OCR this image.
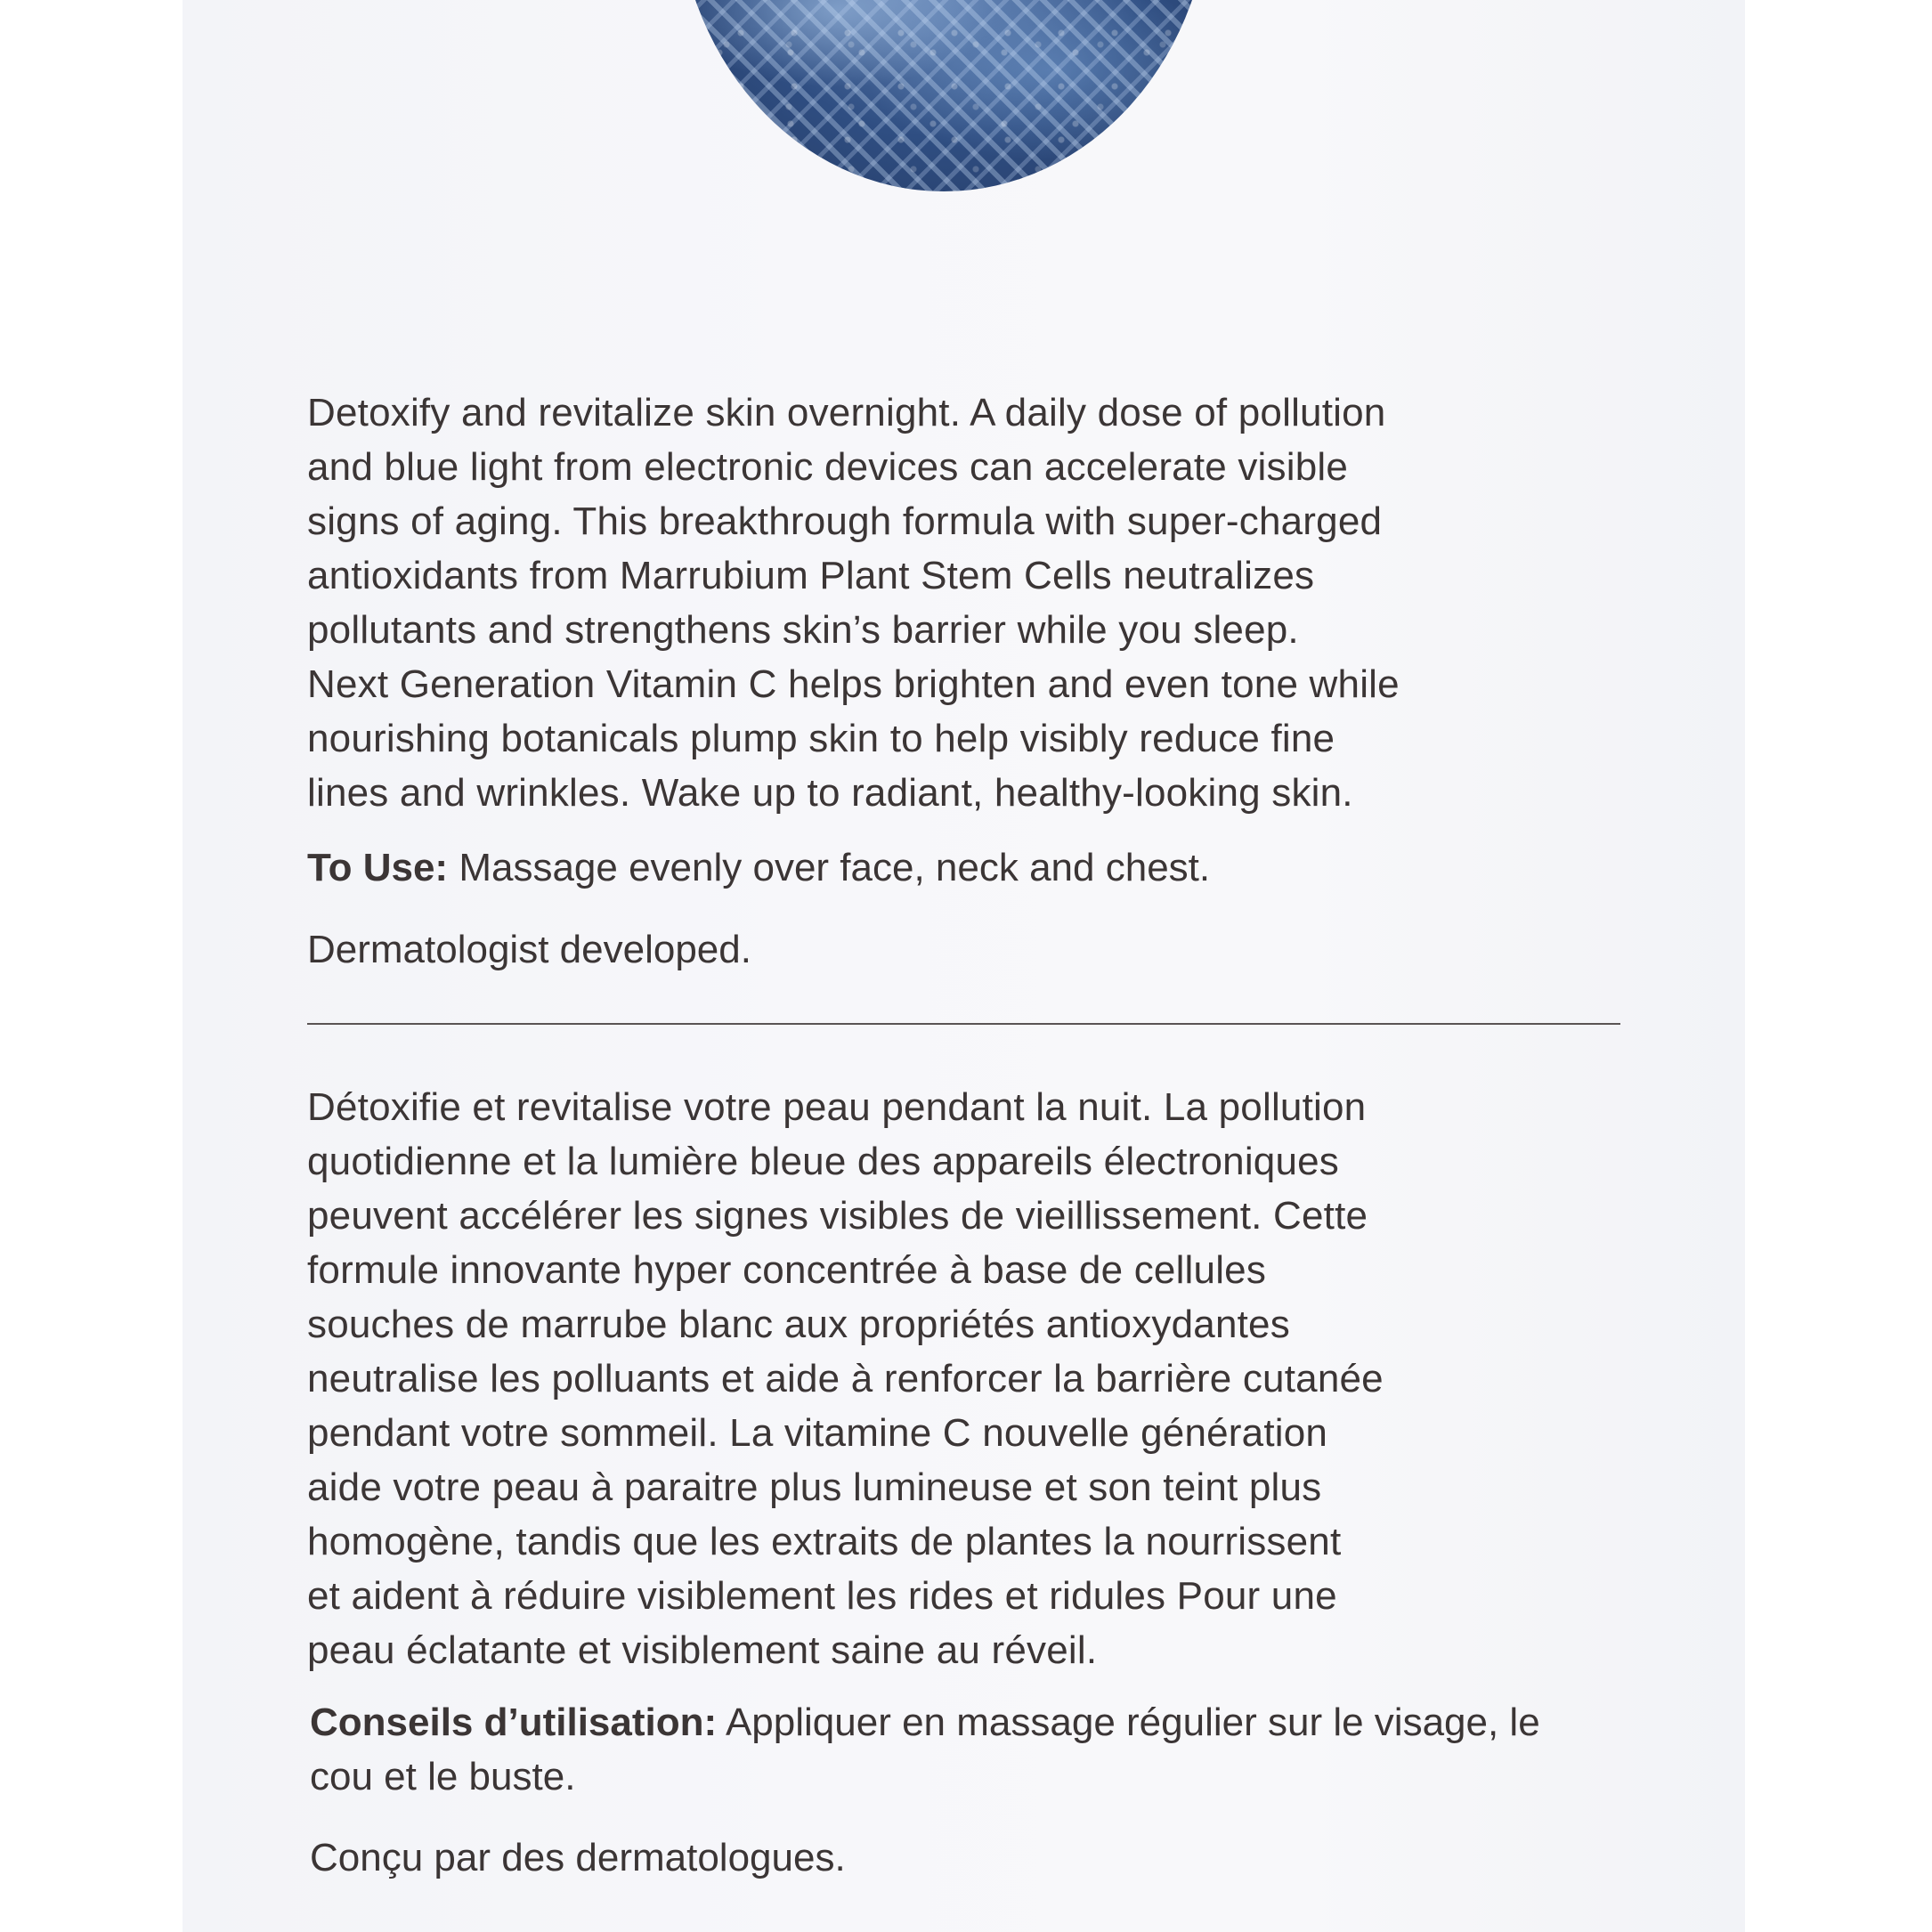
Detoxify and revitalize skin overnight. A daily dose of pollution

and blue light from electronic devices can accelerate visible

signs of aging. This breakthrough formula with super-charged

antioxidants from Marrubium Plant Stem Cells neutralizes

pollutants and strengthens skin’s barrier while you sleep.

Next Generation Vitamin C helps brighten and even tone while

nourishing botanicals plump skin to help visibly reduce fine

lines and wrinkles. Wake up to radiant, healthy-looking skin.

To Use: Massage evenly over face, neck and chest.
Dermatologist developed.

Détoxifie et revitalise votre peau pendant la nuit. La pollution

quotidienne et la lumière bleue des appareils électroniques

peuvent accélérer les signes visibles de vieillissement. Cette

formule innovante hyper concentrée à base de cellules

souches de marrube blanc aux propriétés antioxydantes

neutralise les polluants et aide à renforcer la barrière cutanée

pendant votre sommeil. La vitamine C nouvelle génération

aide votre peau à paraitre plus lumineuse et son teint plus

homogène, tandis que les extraits de plantes la nourrissent

et aident à réduire visiblement les rides et ridules Pour une

peau éclatante et visiblement saine au réveil.

Conseils d’utilisation: Appliquer en massage régulier sur le visage, le cou et le buste.
Conçu par des dermatologues.
